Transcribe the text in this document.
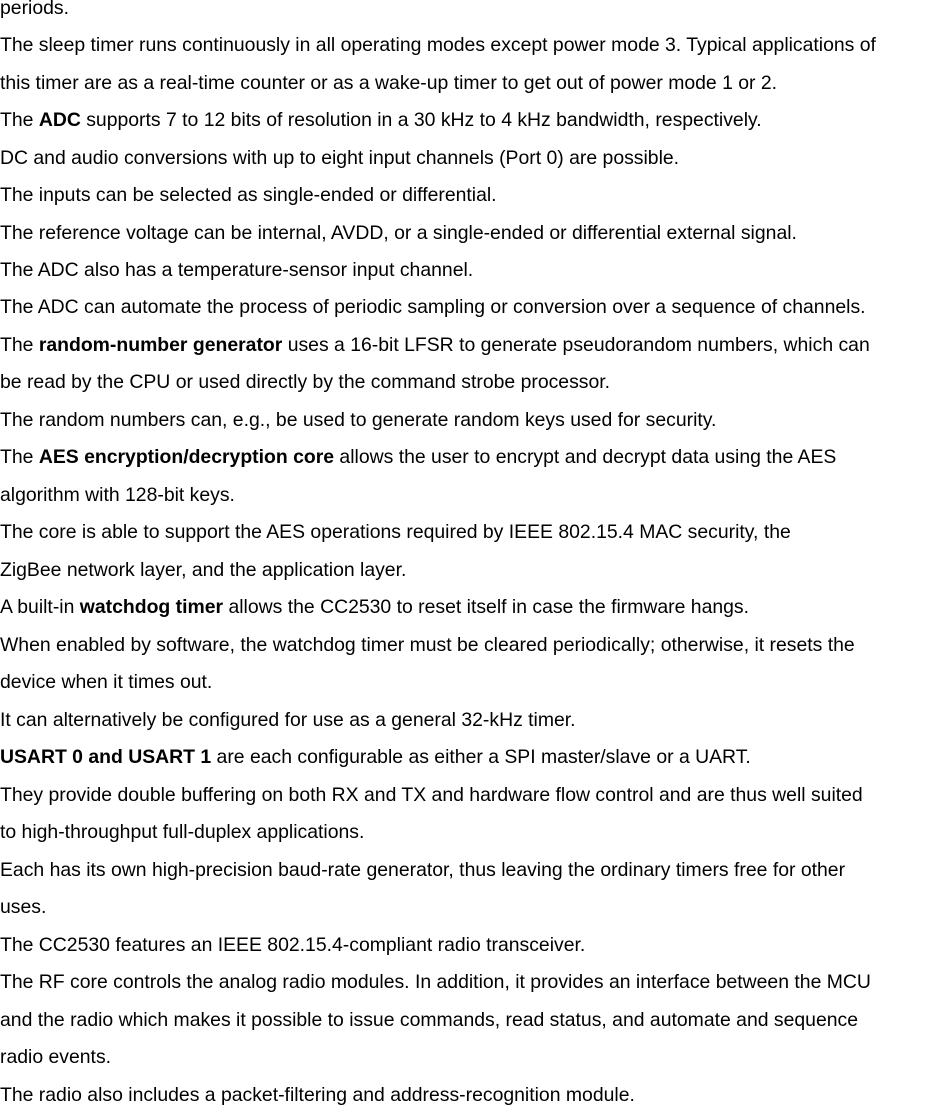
periods.
The sleep timer runs continuously in all operating modes except power mode 3. Typical applications of
this timer are as a real-time counter or as a wake-up timer to get out of power mode 1 or 2.
The ADC supports 7 to 12 bits of resolution in a 30 kHz to 4 kHz bandwidth, respectively.
DC and audio conversions with up to eight input channels (Port 0) are possible.
The inputs can be selected as single-ended or differential.
The reference voltage can be internal, AVDD, or a single-ended or differential external signal.
The ADC also has a temperature-sensor input channel.
The ADC can automate the process of periodic sampling or conversion over a sequence of channels.
The random-number generator uses a 16-bit LFSR to generate pseudorandom numbers, which can
be read by the CPU or used directly by the command strobe processor.
The random numbers can, e.g., be used to generate random keys used for security.
The AES encryption/decryption core allows the user to encrypt and decrypt data using the AES
algorithm with 128-bit keys.
The core is able to support the AES operations required by IEEE 802.15.4 MAC security, the
ZigBee network layer, and the application layer.
A built-in watchdog timer allows the CC2530 to reset itself in case the firmware hangs.
When enabled by software, the watchdog timer must be cleared periodically; otherwise, it resets the
device when it times out.
It can alternatively be configured for use as a general 32-kHz timer.
USART 0 and USART 1 are each configurable as either a SPI master/slave or a UART.
They provide double buffering on both RX and TX and hardware flow control and are thus well suited
to high-throughput full-duplex applications.
Each has its own high-precision baud-rate generator, thus leaving the ordinary timers free for other
uses.
The CC2530 features an IEEE 802.15.4-compliant radio transceiver.
The RF core controls the analog radio modules. In addition, it provides an interface between the MCU
and the radio which makes it possible to issue commands, read status, and automate and sequence
radio events.
The radio also includes a packet-filtering and address-recognition module.
